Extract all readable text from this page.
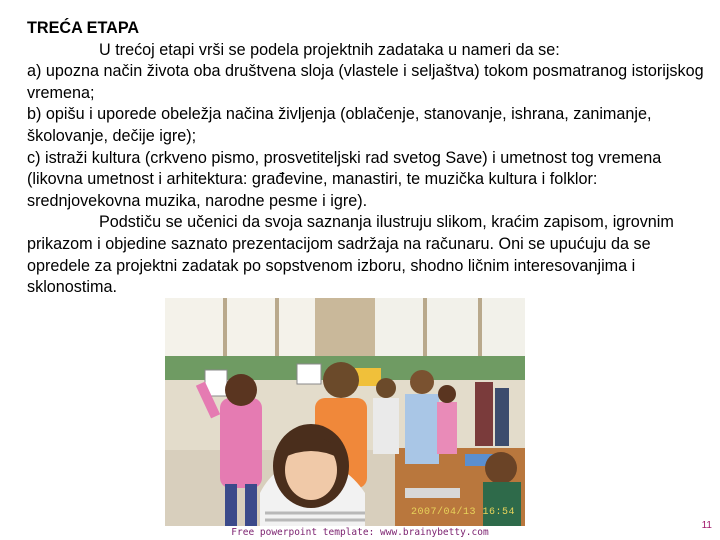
TREĆA ETAPA

U trećoj etapi vrši se podela projektnih zadataka u nameri da se:

a) upozna način života oba društvena sloja (vlastele i seljaštva) tokom posmatranog istorijskog vremena;

b) opišu i uporede obeležja načina življenja (oblačenje, stanovanje, ishrana, zanimanje, školovanje, dečije igre);

c) istraži kultura (crkveno pismo, prosvetiteljski rad svetog Save) i umetnost tog vremena (likovna umetnost i arhitektura: građevine, manastiri, te muzička kultura i folklor: srednjovekovna muzika, narodne pesme i igre).

Podstiču se učenici da svoja saznanja ilustruju slikom, kraćim zapisom, igrovnim prikazom i objedine saznato prezentacijom sadržaja na računaru. Oni se upućuju da se opredele za projektni zadatak po sopstvenom izboru, shodno ličnim interesovanjima i sklonostima.

2007/04/13 16:54
Free powerpoint template: www.brainybetty.com
11
